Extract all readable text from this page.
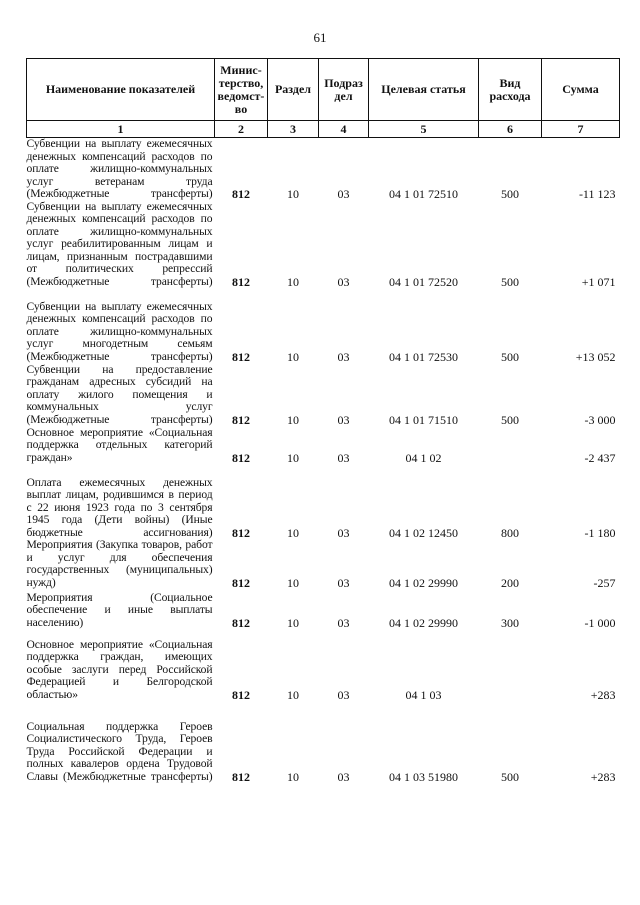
61
Наименование показателей	Минис-терство, ведомст-во	Раздел	Подраз дел	Целевая статья	Вид расхода	Сумма
1	2	3	4	5	6	7
Субвенции на выплату ежемесячных денежных компенсаций расходов по оплате жилищно-коммунальных услуг ветеранам труда (Межбюджетные трансферты)	812	10	03	04 1 01 72510	500	-11 123
Субвенции на выплату ежемесячных денежных компенсаций расходов по оплате жилищно-коммунальных услуг реабилитированным лицам и лицам, признанным пострадавшими от политических репрессий (Межбюджетные трансферты)	812	10	03	04 1 01 72520	500	+1 071
Субвенции на выплату ежемесячных денежных компенсаций расходов по оплате жилищно-коммунальных услуг многодетным семьям (Межбюджетные трансферты)	812	10	03	04 1 01 72530	500	+13 052
Субвенции на предоставление гражданам адресных субсидий на оплату жилого помещения и коммунальных услуг (Межбюджетные трансферты)	812	10	03	04 1 01 71510	500	-3 000
Основное мероприятие «Социальная поддержка отдельных категорий граждан»	812	10	03	04 1 02		-2 437
Оплата ежемесячных денежных выплат лицам, родившимся в период с 22 июня 1923 года по 3 сентября 1945 года (Дети войны) (Иные бюджетные ассигнования)	812	10	03	04 1 02 12450	800	-1 180
Мероприятия (Закупка товаров, работ и услуг для обеспечения государственных (муниципальных) нужд)	812	10	03	04 1 02 29990	200	-257
Мероприятия (Социальное обеспечение и иные выплаты населению)	812	10	03	04 1 02 29990	300	-1 000
Основное мероприятие «Социальная поддержка граждан, имеющих особые заслуги перед Российской Федерацией и Белгородской областью»	812	10	03	04 1 03		+283
Социальная поддержка Героев Социалистического Труда, Героев Труда Российской Федерации и полных кавалеров ордена Трудовой Славы (Межбюджетные трансферты)	812	10	03	04 1 03 51980	500	+283
